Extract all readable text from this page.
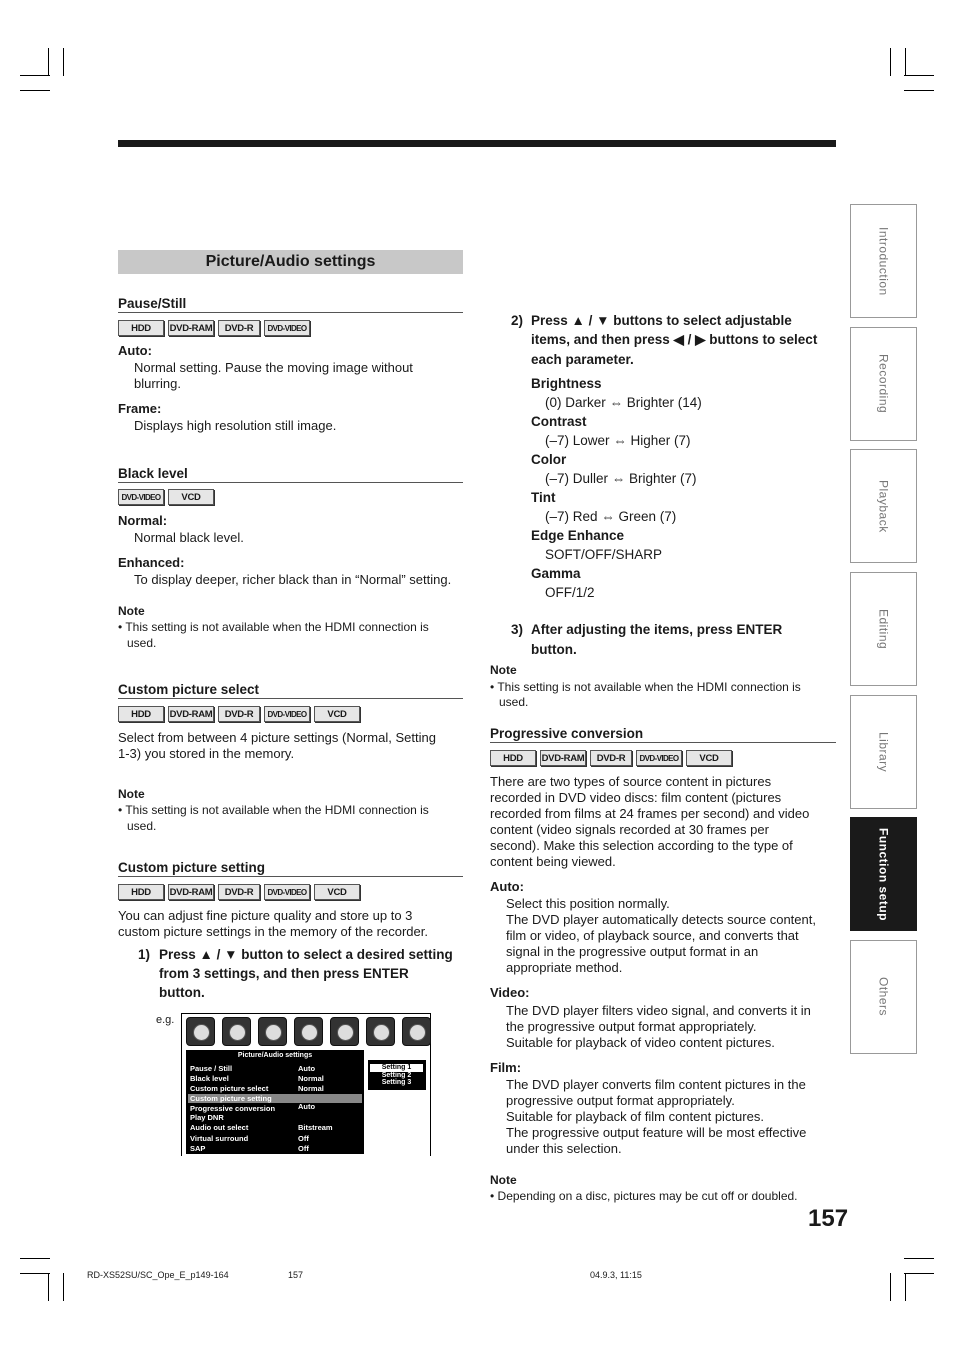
Picture/Audio settings
Pause/Still
HDD	DVD-RAM	DVD-R	DVD-VIDEO
Auto:
Normal setting. Pause the moving image without
blurring.
Frame:
Displays high resolution still image.
Black level
DVD-VIDEO	VCD
Normal:
Normal black level.
Enhanced:
To display deeper, richer black than in “Normal” setting.
Note
• This setting is not available when the HDMI connection is
used.
Custom picture select
HDD	DVD-RAM	DVD-R	DVD-VIDEO	VCD
Select from between 4 picture settings (Normal, Setting
1-3) you stored in the memory.
Note
• This setting is not available when the HDMI connection is
used.
Custom picture setting
HDD	DVD-RAM	DVD-R	DVD-VIDEO	VCD
You can adjust fine picture quality and store up to 3
custom picture settings in the memory of the recorder.
1) Press ▲ / ▼ button to select a desired setting
from 3 settings, and then press ENTER
button.
e.g.
Picture/Audio settings
Pause / Still	Auto
Black level	Normal
Custom picture select	Normal
Custom picture setting
Progressive conversion	Auto
Play DNR
Audio out select	Bitstream
Virtual surround	Off
SAP	Off
Setting 1
Setting 2
Setting 3
2) Press ▲ / ▼ buttons to select adjustable
items, and then press ◀ / ▶ buttons to select
each parameter.
Brightness
(0) Darker ⇔ Brighter (14)
Contrast
(–7) Lower ⇔ Higher (7)
Color
(–7) Duller ⇔ Brighter (7)
Tint
(–7) Red ⇔ Green (7)
Edge Enhance
SOFT/OFF/SHARP
Gamma
OFF/1/2
3) After adjusting the items, press ENTER
button.
Note
• This setting is not available when the HDMI connection is
used.
Progressive conversion
HDD	DVD-RAM	DVD-R	DVD-VIDEO	VCD
There are two types of source content in pictures
recorded in DVD video discs: film content (pictures
recorded from films at 24 frames per second) and video
content (video signals recorded at 30 frames per
second). Make this selection according to the type of
content being viewed.
Auto:
Select this position normally.
The DVD player automatically detects source content,
film or video, of playback source, and converts that
signal in the progressive output format in an
appropriate method.
Video:
The DVD player filters video signal, and converts it in
the progressive output format appropriately.
Suitable for playback of video content pictures.
Film:
The DVD player converts film content pictures in the
progressive output format appropriately.
Suitable for playback of film content pictures.
The progressive output feature will be most effective
under this selection.
Note
• Depending on a disc, pictures may be cut off or doubled.
Introduction
Recording
Playback
Editing
Library
Function setup
Others
157
RD-XS52SU/SC_Ope_E_p149-164	157	04.9.3, 11:15
